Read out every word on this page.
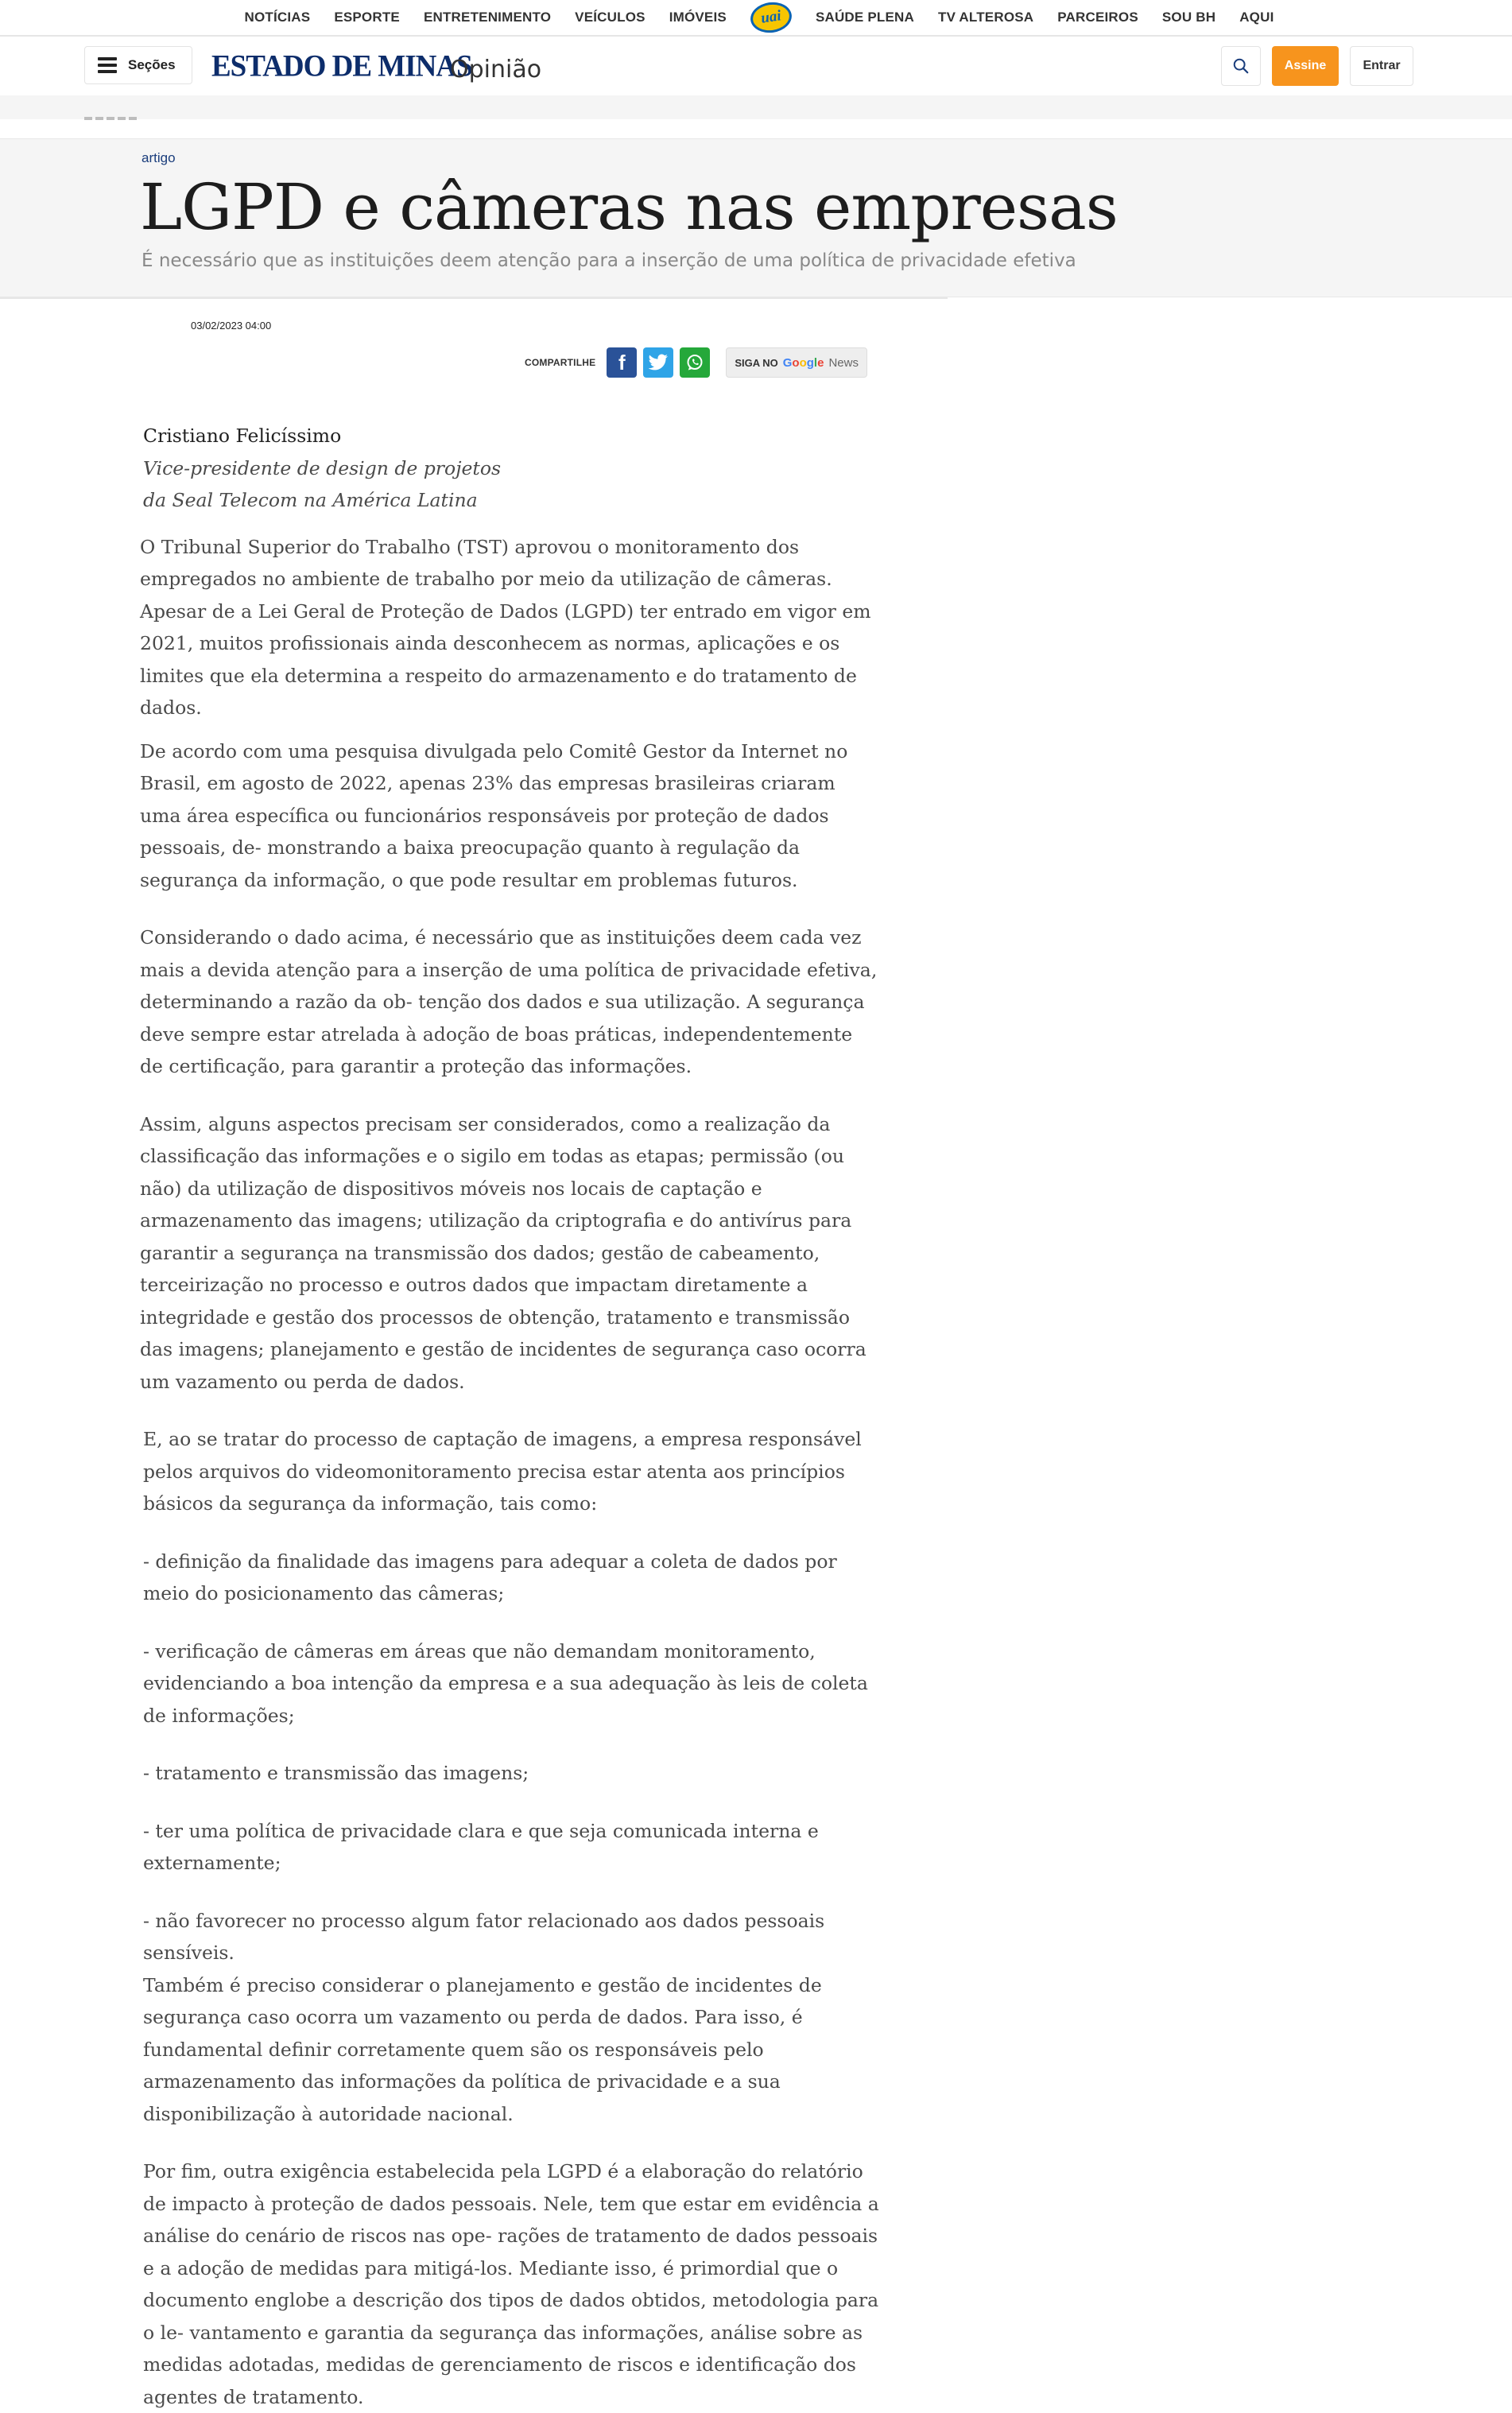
NOTÍCIAS ESPORTE ENTRETENIMENTO VEÍCULOS IMÓVEIS	uai	SAÚDE PLENA TV ALTEROSA PARCEIROS SOU BH AQUI
Seções ESTADO DE MINAS
Opinião	Assine	Entrar
artigo
LGPD e câmeras nas empresas
É necessário que as instituições deem atenção para a inserção de uma política de privacidade efetiva
03/02/2023 04:00
COMPARTILHE f	SIGA NO Google News
Cristiano Felicíssimo
Vice-presidente de design de projetos
da Seal Telecom na América Latina

O Tribunal Superior do Trabalho (TST) aprovou o monitoramento dos empregados no ambiente de trabalho por meio da utilização de câmeras. Apesar de a Lei Geral de Proteção de Dados (LGPD) ter entrado em vigor em 2021, muitos profissionais ainda desconhecem as normas, aplicações e os limites que ela determina a respeito do armazenamento e do tratamento de dados.

De acordo com uma pesquisa divulgada pelo Comitê Gestor da Internet no Brasil, em agosto de 2022, apenas 23% das empresas brasileiras criaram uma área específica ou funcionários responsáveis por proteção de dados pessoais, de- monstrando a baixa preocupação quanto à regulação da segurança da informação, o que pode resultar em problemas futuros.

Considerando o dado acima, é necessário que as instituições deem cada vez mais a devida atenção para a inserção de uma política de privacidade efetiva, determinando a razão da ob- tenção dos dados e sua utilização. A segurança deve sempre estar atrelada à adoção de boas práticas, independentemente de certificação, para garantir a proteção das informações.

Assim, alguns aspectos precisam ser considerados, como a realização da classificação das informações e o sigilo em todas as etapas; permissão (ou não) da utilização de dispositivos móveis nos locais de captação e armazenamento das imagens; utilização da criptografia e do antivírus para garantir a segurança na transmissão dos dados; gestão de cabeamento, terceirização no processo e outros dados que impactam diretamente a integridade e gestão dos processos de obtenção, tratamento e transmissão das imagens; planejamento e gestão de incidentes de segurança caso ocorra um vazamento ou perda de dados.

E, ao se tratar do processo de captação de imagens, a empresa responsável pelos arquivos do videomonitoramento precisa estar atenta aos princípios básicos da segurança da informação, tais como:

- definição da finalidade das imagens para adequar a coleta de dados por meio do posicionamento das câmeras;

- verificação de câmeras em áreas que não demandam monitoramento, evidenciando a boa intenção da empresa e a sua adequação às leis de coleta de informações;

- tratamento e transmissão das imagens;

- ter uma política de privacidade clara e que seja comunicada interna e externamente;

- não favorecer no processo algum fator relacionado aos dados pessoais sensíveis.

Também é preciso considerar o planejamento e gestão de incidentes de segurança caso ocorra um vazamento ou perda de dados. Para isso, é fundamental definir corretamente quem são os responsáveis pelo armazenamento das informações da política de privacidade e a sua disponibilização à autoridade nacional.

Por fim, outra exigência estabelecida pela LGPD é a elaboração do relatório de impacto à proteção de dados pessoais. Nele, tem que estar em evidência a análise do cenário de riscos nas ope- rações de tratamento de dados pessoais e a adoção de medidas para mitigá-los. Mediante isso, é primordial que o documento englobe a descrição dos tipos de dados obtidos, metodologia para o le- vantamento e garantia da segurança das informações, análise sobre as medidas adotadas, medidas de gerenciamento de riscos e identificação dos agentes de tratamento.
